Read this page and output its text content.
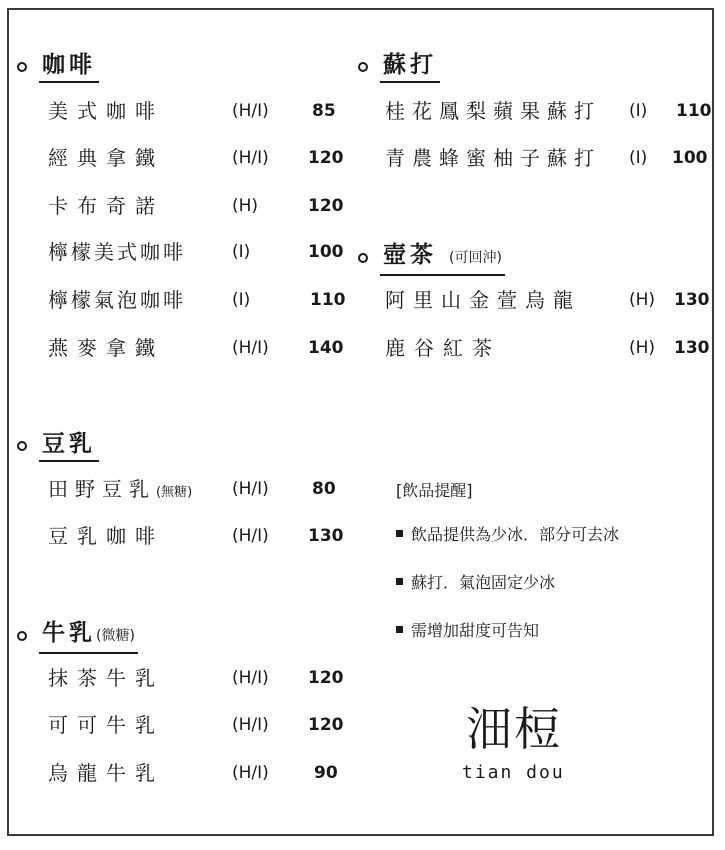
咖啡
美式咖啡	(H/I)	85
經典拿鐵	(H/I) 120
卡布奇諾	(H)	120
檸檬美式咖啡	(I)	100
檸檬氣泡咖啡	(I)	110
燕麥拿鐵	(H/I) 140
蘇打
桂花鳳梨蘋果蘇打 (I) 110
青農蜂蜜柚子蘇打 (I) 100
壺茶 (可回沖)
阿里山金萱烏龍	(H) 130
鹿谷紅茶	(H) 130
豆乳
田野豆乳(無糖) (H/I)	80
豆乳咖啡	(H/I) 130
牛乳(微糖)
抹茶牛乳	(H/I) 120
可可牛乳	(H/I) 120
烏龍牛乳	(H/I)	90
[飲品提醒]
飲品提供為少冰．部分可去冰
蘇打．氣泡固定少冰
需增加甜度可告知
沺梪
tian dou
